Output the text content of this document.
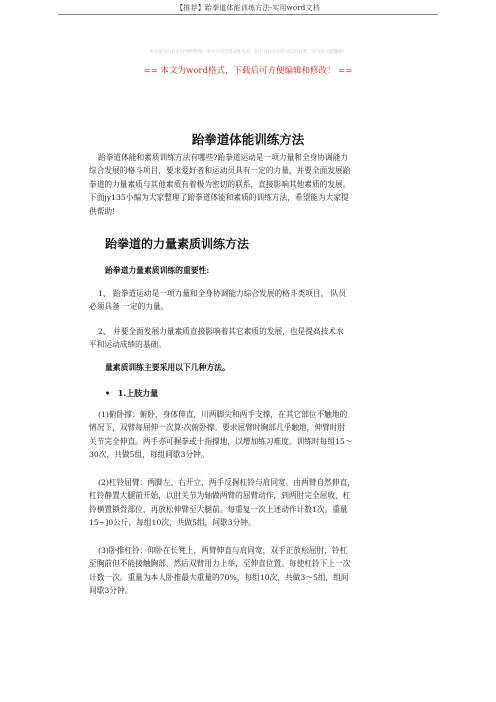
【推荐】跆拳道体能训练方法-实用word文档
本文部分内容来自网络整理，本司不为其真实性负责，如有异议或侵权请及时联系，本司将立即删除！
== 本文为word格式，下载后可方便编辑和修改！ ==
跆拳道体能训练方法
跆拳道体能和素质训练方法有哪些?跆拳道运动是一项力量和全身协调能力
综合发展的格斗项目，要求爱好者和运动员具有一定的力量，并要全面发展跆
拳道的力量素质与其他素质有着极为密切的联系，直接影响其他素质的发展。
下面jy135小编为大家整理了跆拳道体能和素质的训练方法，希望能为大家提
供帮助!
跆拳道的力量素质训练方法
跆拳道力量素质训练的重要性:
1、 跆拳道运动是一项力量和全身协调能力综合发展的格斗类项目， 队员
必须具备 一定的力量。
2、 并要全面发展力量素质直接影响着其它素质的发展，也是提高技术水
平和运动成绩的基础。
量素质训练主要采用以下几种方法。
• 1.上肢力量
(1)俯卧撑：俯卧，身体伸直，川两脚尖和两手支撑，在其它部位不触地的
情况下，双臂每屈伸一次算·次俯卧撑。要求屈臂时胸部几乎触地，伸臂时肘
关节完全伸直。两手亦可握拳或十指撑地，以增加练习难度。训练时每组15～
30次，共做5组，每组间歇3分钟。
(2)杠铃屈臂：两脚左、右开立，两手反握杠铃与肩同宽。由两臂自然伸直，
杠铃静置大腿前开始，以肘关节为轴做两臂的屈臂动作，到两肘完全屈收，杠
铃横置锁骨部位，再放松伸臂至大腿前。每重复一次上述动作计数1次。重量
15~]0公斤，每组10次，共做5组，间歇3分钟。
(3)卧推杠铃：仰卧在长凳上，两臂伸直与肩同宽，双手正放松屈肘，铃杠
至胸前但不能接触胸部，然后双臂用力上举，至伸直位置。每使杠铃下上一次
计数一次。重量为本人卧推最大重量的70%，每组10次，共做3～5组，组间
间歇3分钟。
